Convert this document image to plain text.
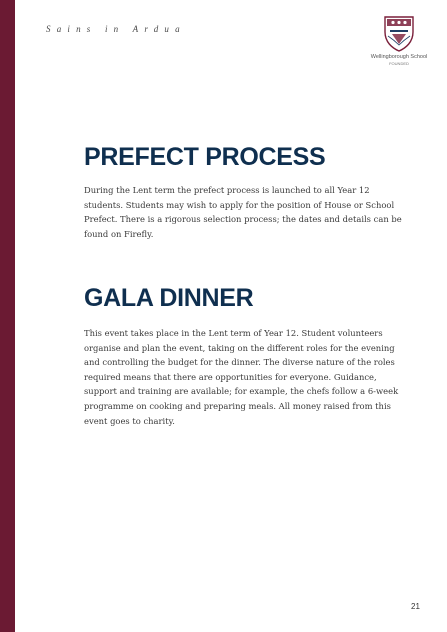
Sains in Ardua
Wellingborough School
FOUNDED
PREFECT PROCESS

During the Lent term the prefect process is launched to all Year 12 students. Students may wish to apply for the position of House or School Prefect. There is a rigorous selection process; the dates and details can be found on Firefly.

GALA DINNER

This event takes place in the Lent term of Year 12. Student volunteers organise and plan the event, taking on the different roles for the evening and controlling the budget for the dinner. The diverse nature of the roles required means that there are opportunities for everyone. Guidance, support and training are available; for example, the chefs follow a 6-week programme on cooking and preparing meals. All money raised from this event goes to charity.

21
